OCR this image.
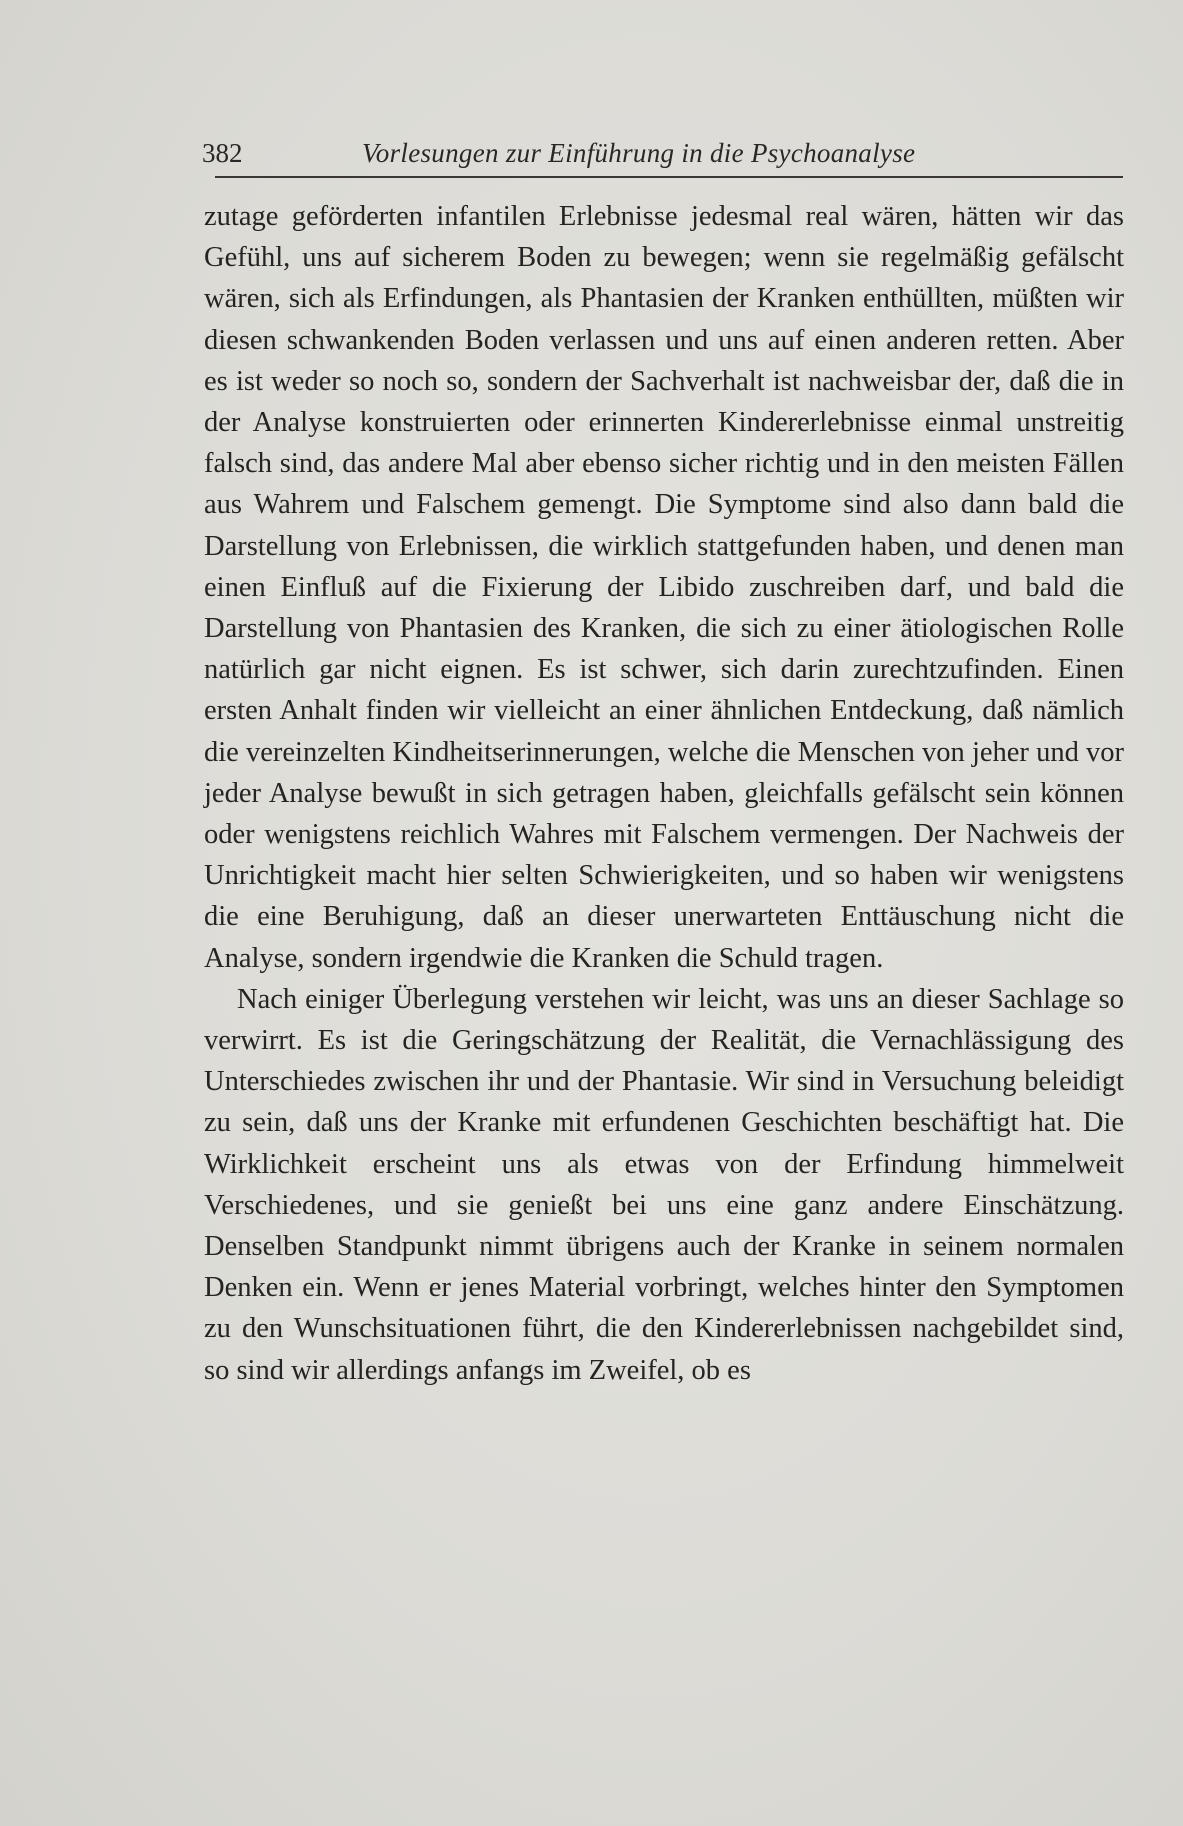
382	Vorlesungen zur Einführung in die Psychoanalyse

zutage geförderten infantilen Erlebnisse jedesmal real wären, hätten wir das Gefühl, uns auf sicherem Boden zu bewegen; wenn sie regelmäßig gefälscht wären, sich als Erfindungen, als Phantasien der Kranken enthüllten, müßten wir diesen schwankenden Boden verlassen und uns auf einen anderen retten. Aber es ist weder so noch so, sondern der Sachverhalt ist nachweisbar der, daß die in der Analyse konstruierten oder erinnerten Kindererlebnisse einmal unstreitig falsch sind, das andere Mal aber ebenso sicher richtig und in den meisten Fällen aus Wahrem und Falschem gemengt. Die Symptome sind also dann bald die Darstellung von Erlebnissen, die wirklich stattgefunden haben, und denen man einen Einfluß auf die Fixierung der Libido zuschreiben darf, und bald die Darstellung von Phantasien des Kranken, die sich zu einer ätiologischen Rolle natürlich gar nicht eignen. Es ist schwer, sich darin zurechtzufinden. Einen ersten Anhalt finden wir vielleicht an einer ähnlichen Entdeckung, daß nämlich die vereinzelten Kindheitserinnerungen, welche die Menschen von jeher und vor jeder Analyse bewußt in sich getragen haben, gleichfalls gefälscht sein können oder wenigstens reichlich Wahres mit Falschem vermengen. Der Nachweis der Unrichtigkeit macht hier selten Schwierigkeiten, und so haben wir wenigstens die eine Beruhigung, daß an dieser unerwarteten Enttäuschung nicht die Analyse, sondern irgendwie die Kranken die Schuld tragen.

Nach einiger Überlegung verstehen wir leicht, was uns an dieser Sachlage so verwirrt. Es ist die Geringschätzung der Realität, die Vernachlässigung des Unterschiedes zwischen ihr und der Phantasie. Wir sind in Versuchung beleidigt zu sein, daß uns der Kranke mit erfundenen Geschichten beschäftigt hat. Die Wirklichkeit erscheint uns als etwas von der Erfindung himmelweit Verschiedenes, und sie genießt bei uns eine ganz andere Einschätzung. Denselben Standpunkt nimmt übrigens auch der Kranke in seinem normalen Denken ein. Wenn er jenes Material vorbringt, welches hinter den Symptomen zu den Wunschsituationen führt, die den Kindererlebnissen nachgebildet sind, so sind wir allerdings anfangs im Zweifel, ob es
